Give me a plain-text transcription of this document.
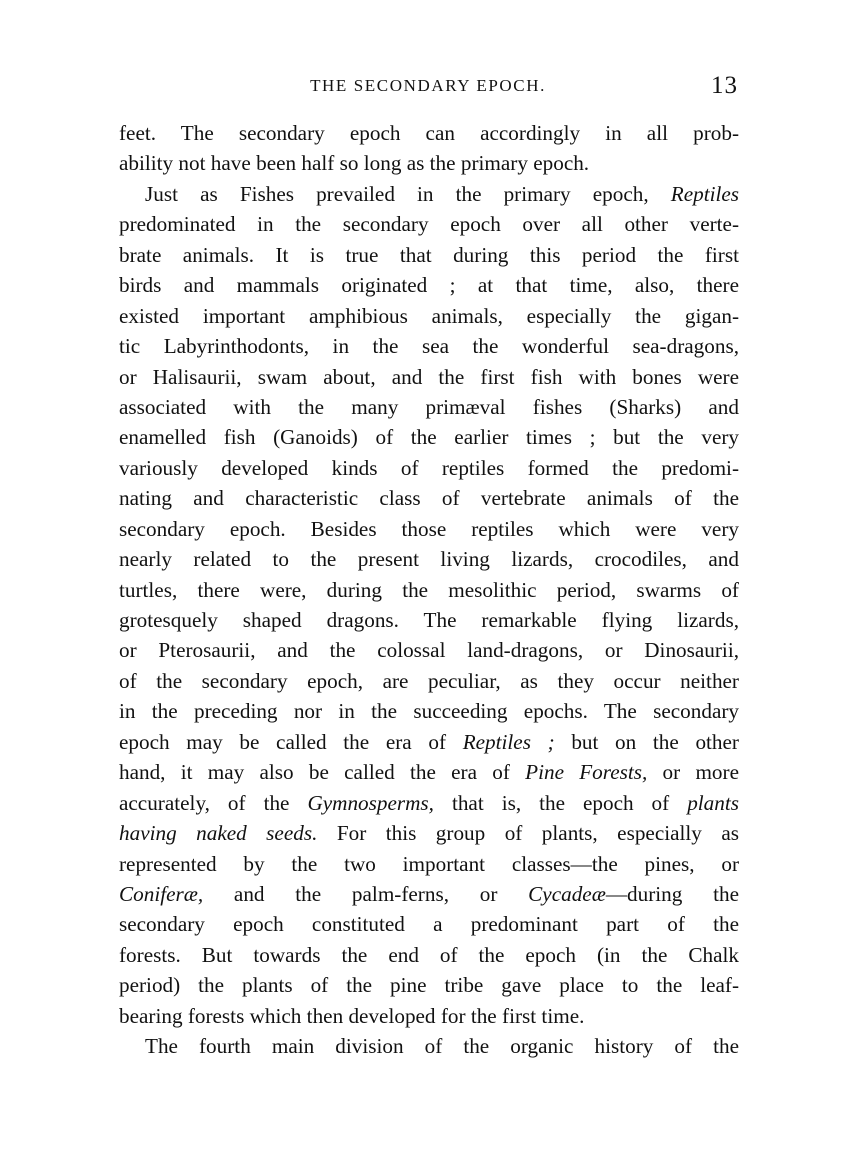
THE SECONDARY EPOCH.	13
feet. The secondary epoch can accordingly in all prob-
ability not have been half so long as the primary epoch.
Just as Fishes prevailed in the primary epoch, Reptiles
predominated in the secondary epoch over all other verte-
brate animals. It is true that during this period the first
birds and mammals originated ; at that time, also, there
existed important amphibious animals, especially the gigan-
tic Labyrinthodonts, in the sea the wonderful sea-dragons,
or Halisaurii, swam about, and the first fish with bones were
associated with the many primæval fishes (Sharks) and
enamelled fish (Ganoids) of the earlier times ; but the very
variously developed kinds of reptiles formed the predomi-
nating and characteristic class of vertebrate animals of the
secondary epoch. Besides those reptiles which were very
nearly related to the present living lizards, crocodiles, and
turtles, there were, during the mesolithic period, swarms of
grotesquely shaped dragons. The remarkable flying lizards,
or Pterosaurii, and the colossal land-dragons, or Dinosaurii,
of the secondary epoch, are peculiar, as they occur neither
in the preceding nor in the succeeding epochs. The secondary
epoch may be called the era of Reptiles ; but on the other
hand, it may also be called the era of Pine Forests, or more
accurately, of the Gymnosperms, that is, the epoch of plants
having naked seeds. For this group of plants, especially as
represented by the two important classes—the pines, or
Coniferæ, and the palm-ferns, or Cycadeæ—during the
secondary epoch constituted a predominant part of the
forests. But towards the end of the epoch (in the Chalk
period) the plants of the pine tribe gave place to the leaf-
bearing forests which then developed for the first time.
The fourth main division of the organic history of the
